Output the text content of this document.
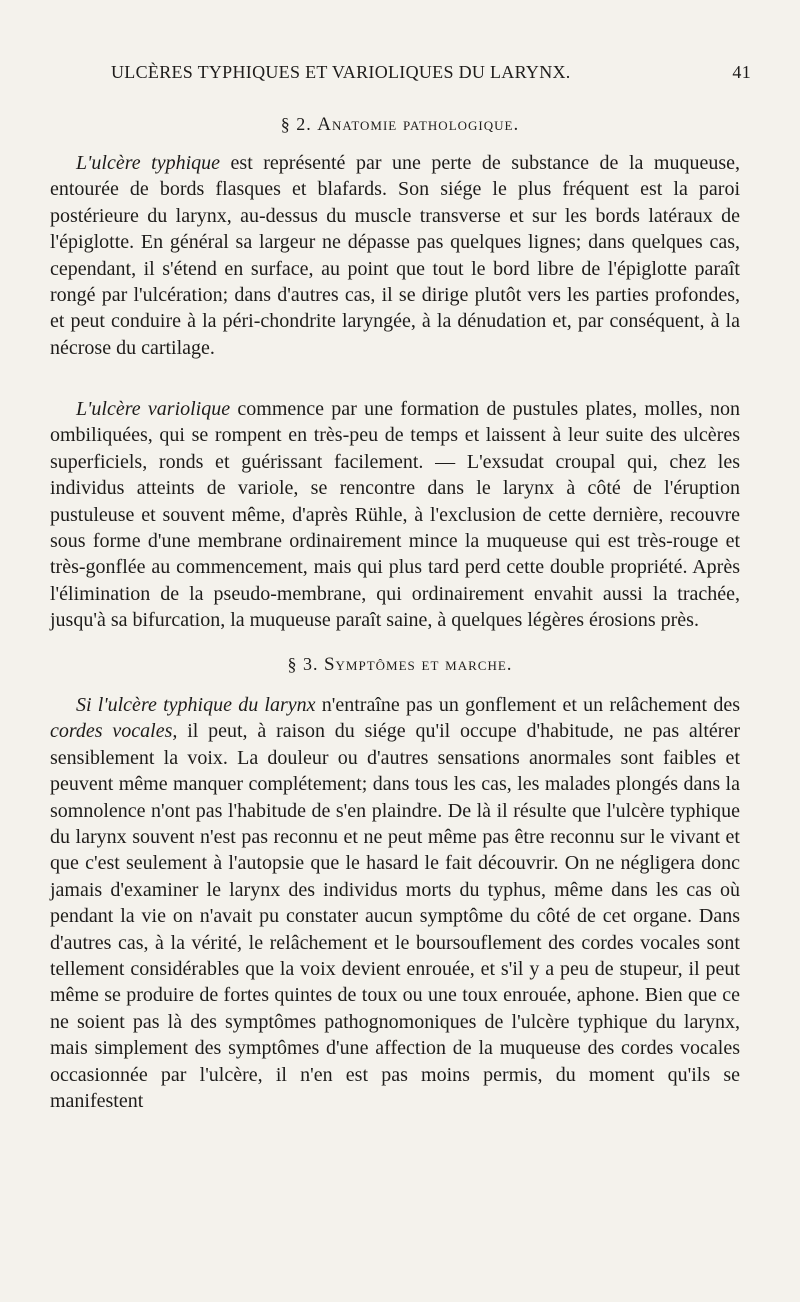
ULCÈRES TYPHIQUES ET VARIOLIQUES DU LARYNX.	41
§ 2. Anatomie pathologique.

L'ulcère typhique est représenté par une perte de substance de la muqueuse, entourée de bords flasques et blafards. Son siége le plus fréquent est la paroi postérieure du larynx, au-dessus du muscle transverse et sur les bords latéraux de l'épiglotte. En général sa largeur ne dépasse pas quelques lignes; dans quelques cas, cependant, il s'étend en surface, au point que tout le bord libre de l'épiglotte paraît rongé par l'ulcération; dans d'autres cas, il se dirige plutôt vers les parties profondes, et peut conduire à la péri-chondrite laryngée, à la dénudation et, par conséquent, à la nécrose du cartilage.

L'ulcère variolique commence par une formation de pustules plates, molles, non ombiliquées, qui se rompent en très-peu de temps et laissent à leur suite des ulcères superficiels, ronds et guérissant facilement. — L'exsudat croupal qui, chez les individus atteints de variole, se rencontre dans le larynx à côté de l'éruption pustuleuse et souvent même, d'après Rühle, à l'exclusion de cette dernière, recouvre sous forme d'une membrane ordinairement mince la muqueuse qui est très-rouge et très-gonflée au commencement, mais qui plus tard perd cette double propriété. Après l'élimination de la pseudo-membrane, qui ordinairement envahit aussi la trachée, jusqu'à sa bifurcation, la muqueuse paraît saine, à quelques légères érosions près.

§ 3. Symptômes et marche.

Si l'ulcère typhique du larynx n'entraîne pas un gonflement et un relâchement des cordes vocales, il peut, à raison du siége qu'il occupe d'habitude, ne pas altérer sensiblement la voix. La douleur ou d'autres sensations anormales sont faibles et peuvent même manquer complétement; dans tous les cas, les malades plongés dans la somnolence n'ont pas l'habitude de s'en plaindre. De là il résulte que l'ulcère typhique du larynx souvent n'est pas reconnu et ne peut même pas être reconnu sur le vivant et que c'est seulement à l'autopsie que le hasard le fait découvrir. On ne négligera donc jamais d'examiner le larynx des individus morts du typhus, même dans les cas où pendant la vie on n'avait pu constater aucun symptôme du côté de cet organe. Dans d'autres cas, à la vérité, le relâchement et le boursouflement des cordes vocales sont tellement considérables que la voix devient enrouée, et s'il y a peu de stupeur, il peut même se produire de fortes quintes de toux ou une toux enrouée, aphone. Bien que ce ne soient pas là des symptômes pathognomoniques de l'ulcère typhique du larynx, mais simplement des symptômes d'une affection de la muqueuse des cordes vocales occasionnée par l'ulcère, il n'en est pas moins permis, du moment qu'ils se manifestent
